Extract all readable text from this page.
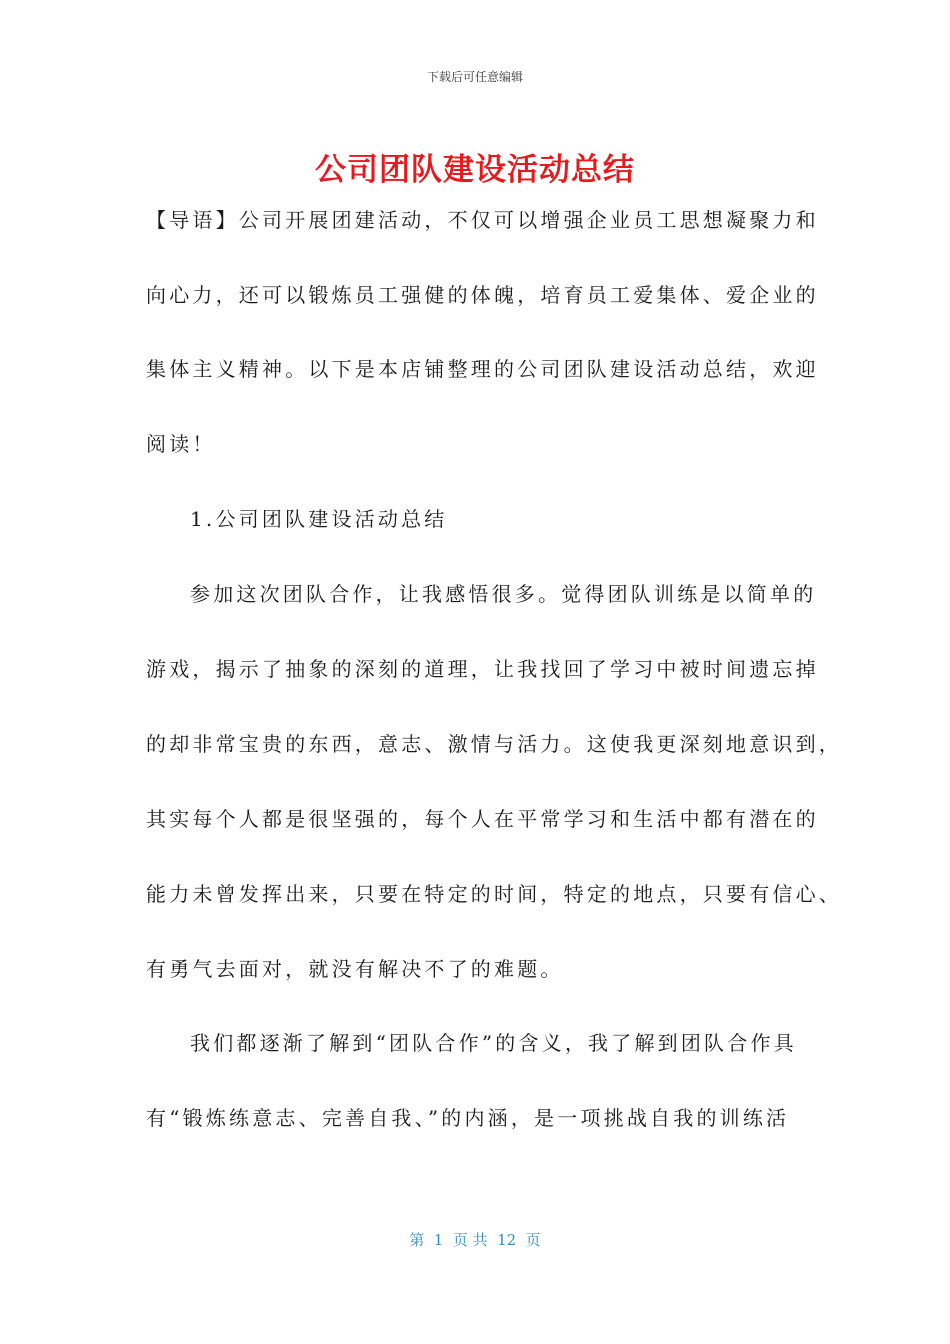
下载后可任意编辑
公司团队建设活动总结
【导语】公司开展团建活动，不仅可以增强企业员工思想凝聚力和
向心力，还可以锻炼员工强健的体魄，培育员工爱集体、爱企业的
集体主义精神。以下是本店铺整理的公司团队建设活动总结，欢迎
阅读！
1.公司团队建设活动总结
参加这次团队合作，让我感悟很多。觉得团队训练是以简单的
游戏，揭示了抽象的深刻的道理，让我找回了学习中被时间遗忘掉
的却非常宝贵的东西，意志、激情与活力。这使我更深刻地意识到，
其实每个人都是很坚强的，每个人在平常学习和生活中都有潜在的
能力未曾发挥出来，只要在特定的时间，特定的地点，只要有信心、
有勇气去面对，就没有解决不了的难题。
我们都逐渐了解到“团队合作”的含义，我了解到团队合作具
有“锻炼练意志、完善自我、”的内涵，是一项挑战自我的训练活
第  1  页 共  12  页
